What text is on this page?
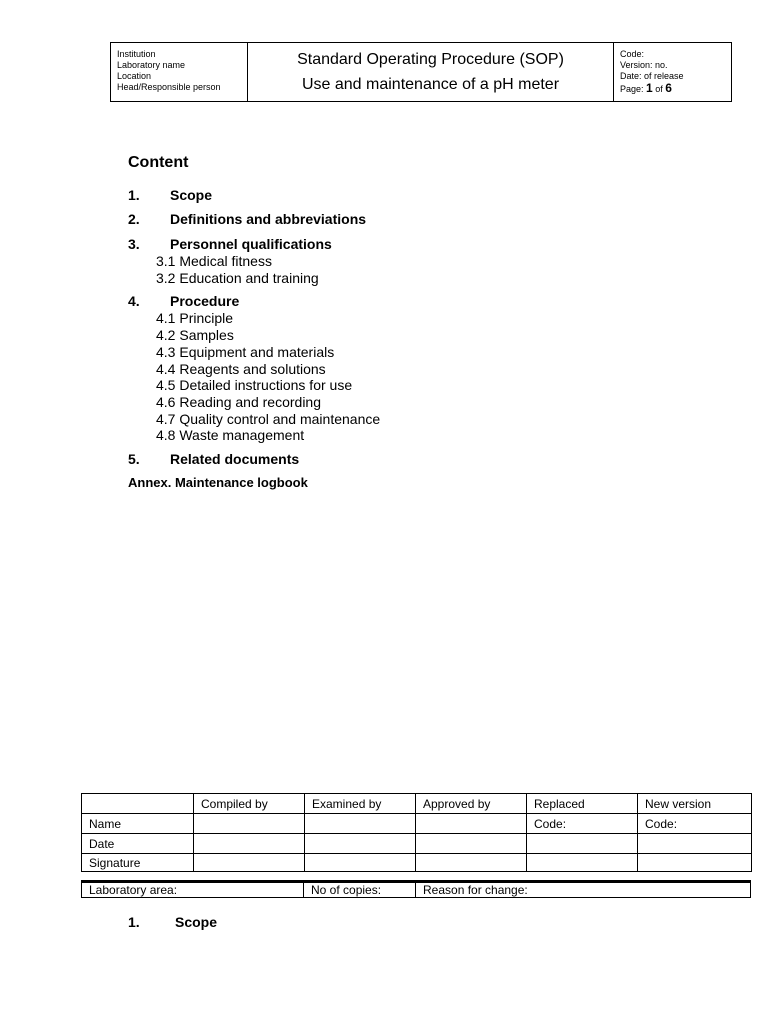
Institution
Laboratory name
Location
Head/Responsible person
Standard Operating Procedure (SOP)
Use and maintenance of a pH meter
Code:
Version: no.
Date: of release
Page: 1 of 6
Content
1.	Scope
2.	Definitions and abbreviations
3.	Personnel qualifications
3.1 Medical fitness
3.2 Education and training
4.	Procedure
4.1 Principle
4.2 Samples
4.3 Equipment and materials
4.4 Reagents and solutions
4.5 Detailed instructions for use
4.6 Reading and recording
4.7 Quality control and maintenance
4.8 Waste management
5.	Related documents
Annex. Maintenance logbook
	Compiled by	Examined by	Approved by	Replaced	New version
Name				Code:	Code:
Date					
Signature					
Laboratory area:	No of copies:	Reason for change:
1.	Scope
